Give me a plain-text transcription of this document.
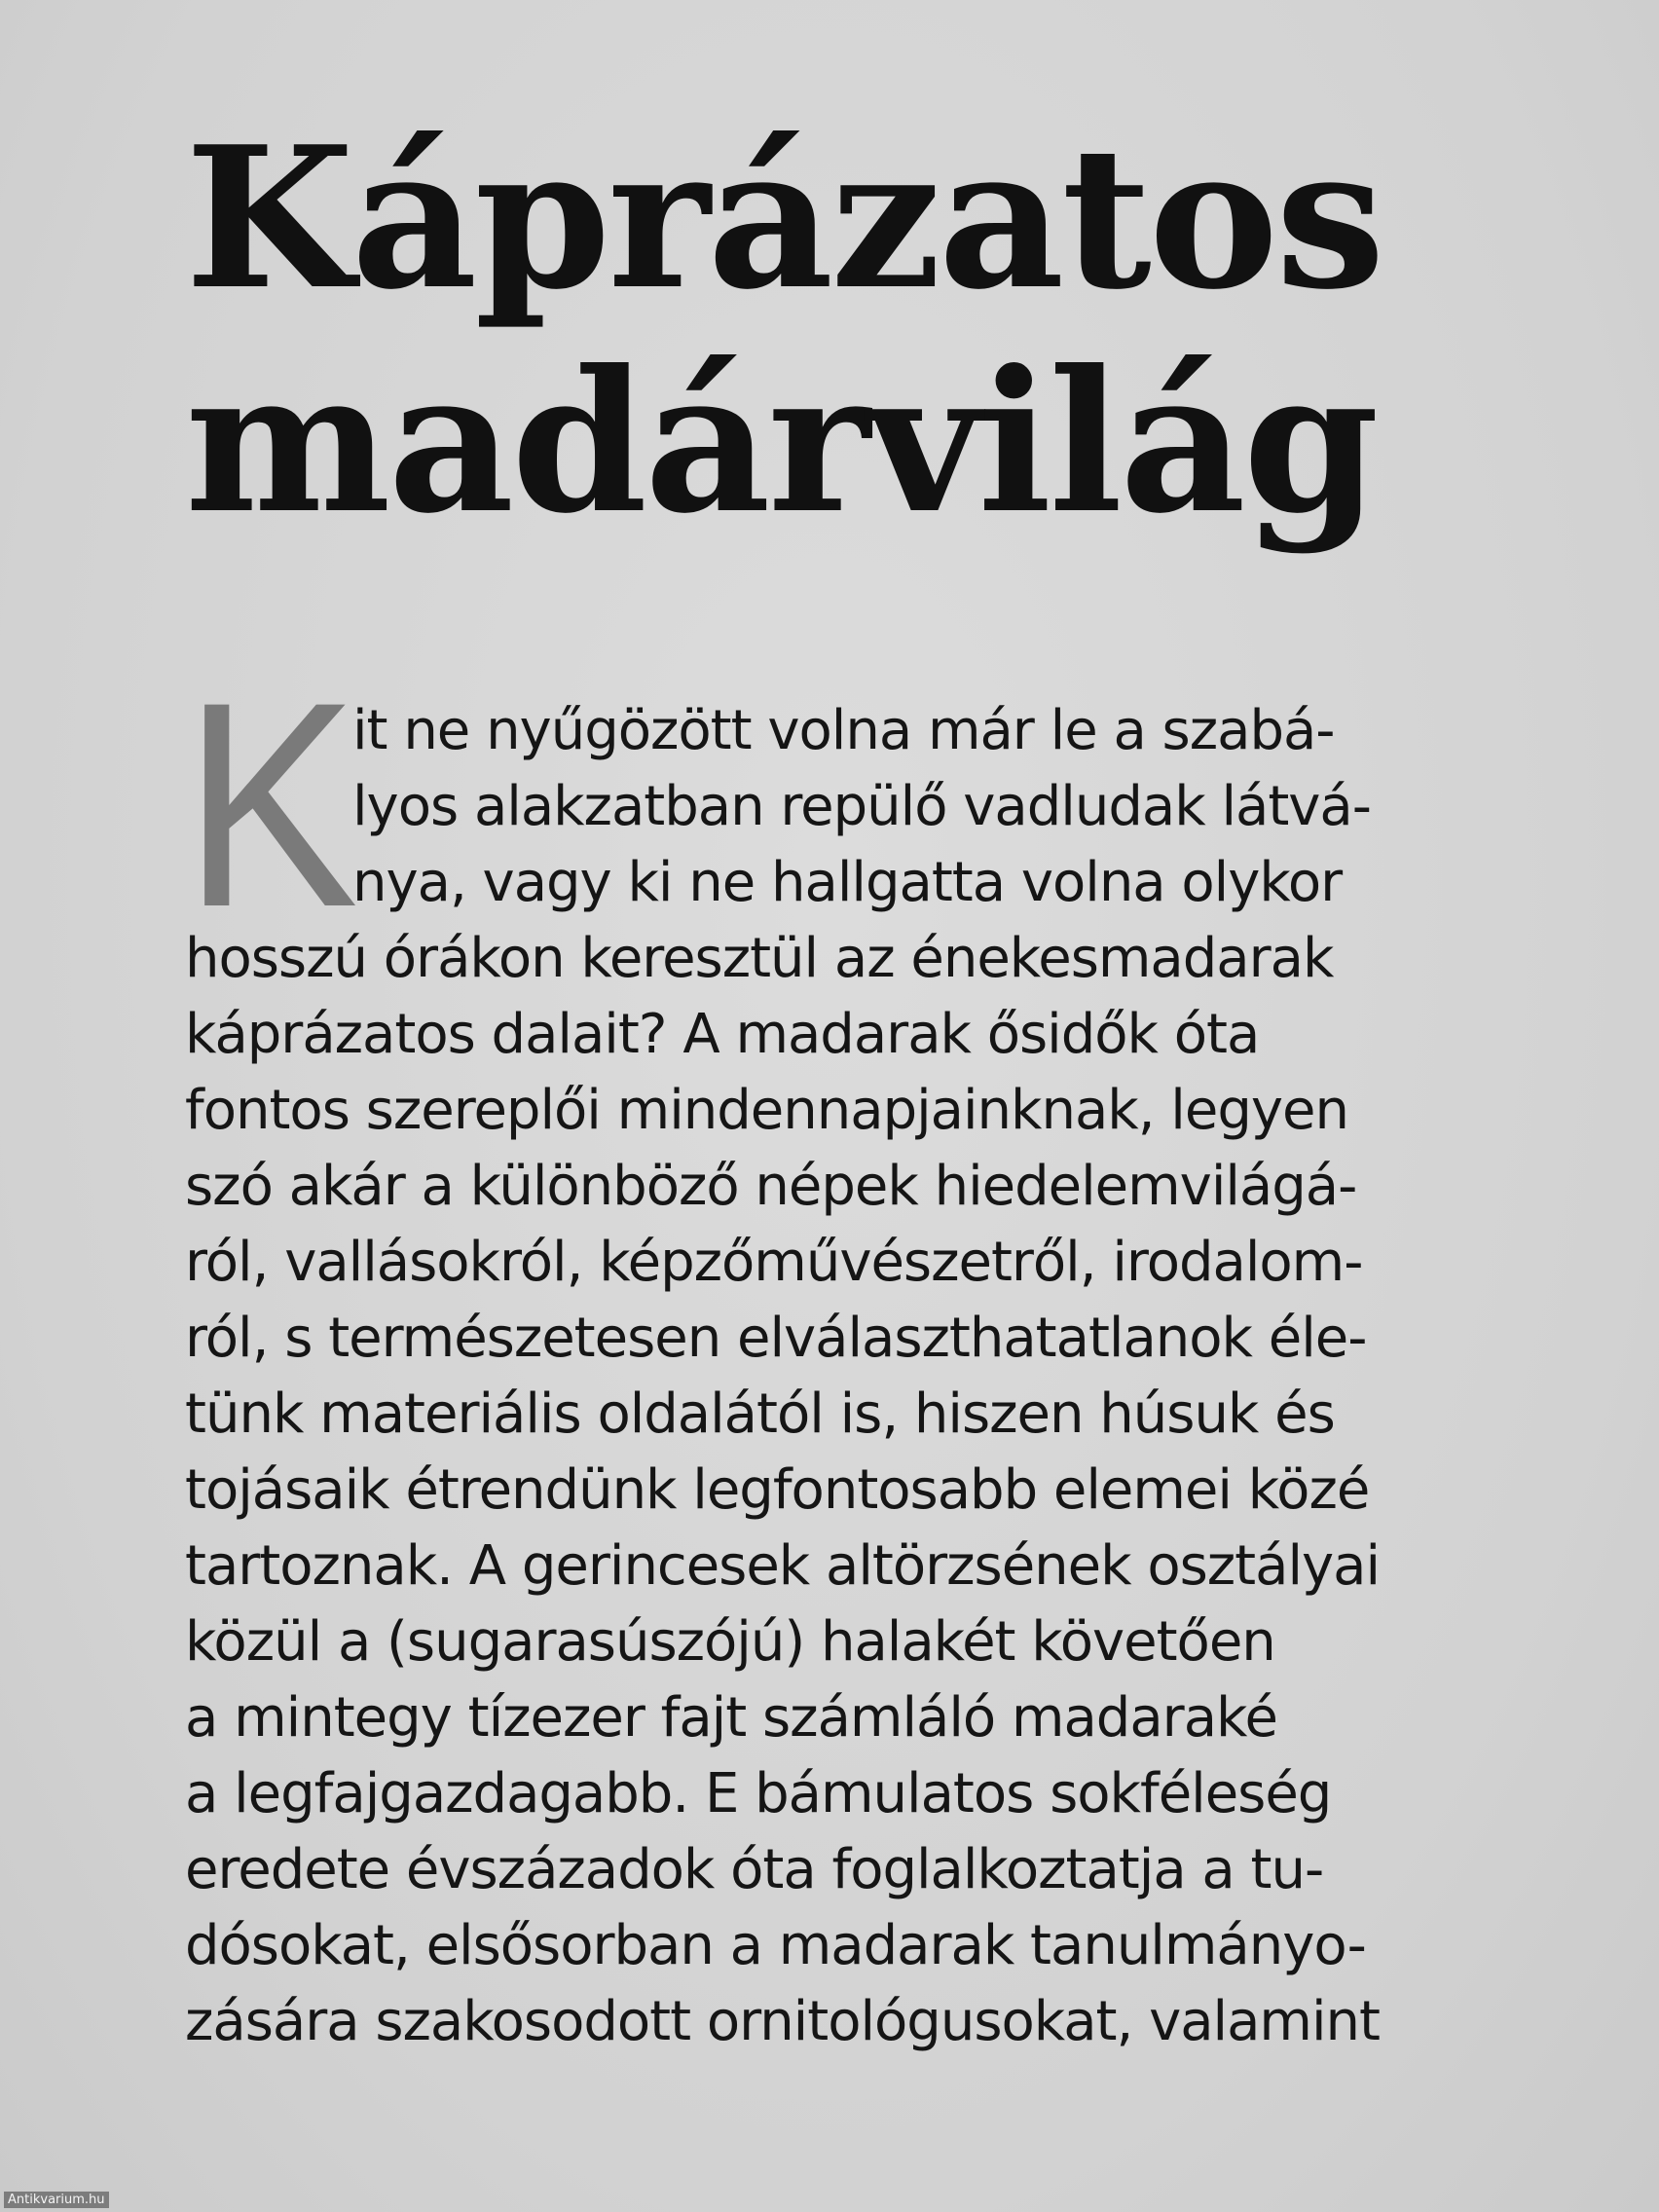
Káprázatos
madárvilág
K
it ne nyűgözött volna már le a szabá-
lyos alakzatban repülő vadludak látvá-
nya, vagy ki ne hallgatta volna olykor
hosszú órákon keresztül az énekesmadarak
káprázatos dalait? A madarak ősidők óta
fontos szereplői mindennapjainknak, legyen
szó akár a különböző népek hiedelemvilágá-
ról, vallásokról, képzőművészetről, irodalom-
ról, s természetesen elválaszthatatlanok éle-
tünk materiális oldalától is, hiszen húsuk és
tojásaik étrendünk legfontosabb elemei közé
tartoznak. A gerincesek altörzsének osztályai
közül a (sugarasúszójú) halakét követően
a mintegy tízezer fajt számláló madaraké
a legfajgazdagabb. E bámulatos sokféleség
eredete évszázadok óta foglalkoztatja a tu-
dósokat, elsősorban a madarak tanulmányo-
zására szakosodott ornitológusokat, valamint
Antikvarium.hu
